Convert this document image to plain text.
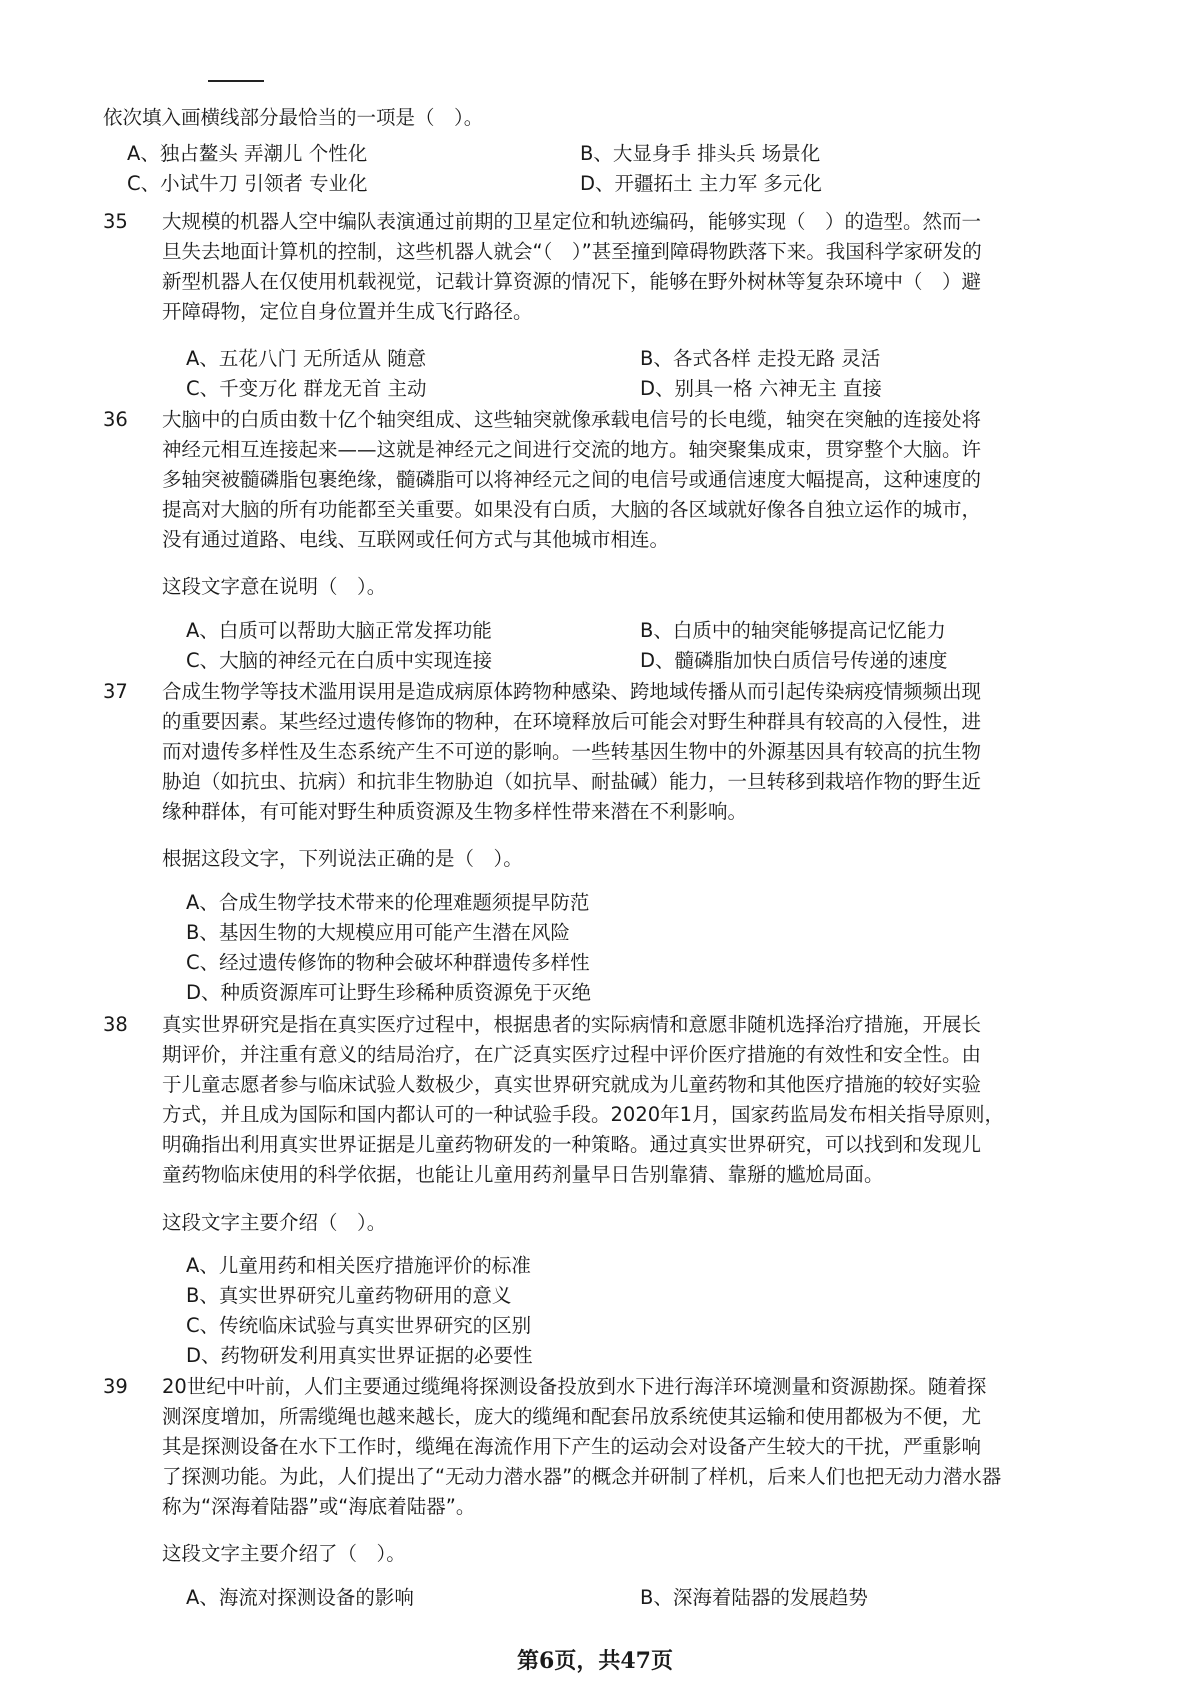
依次填入画横线部分最恰当的一项是（　）。
A、独占鳌头 弄潮儿 个性化	B、大显身手 排头兵 场景化
C、小试牛刀 引领者 专业化	D、开疆拓土 主力军 多元化
35 大规模的机器人空中编队表演通过前期的卫星定位和轨迹编码，能够实现（　）的造型。然而一
旦失去地面计算机的控制，这些机器人就会“（　）”甚至撞到障碍物跌落下来。我国科学家研发的
新型机器人在仅使用机载视觉，记载计算资源的情况下，能够在野外树林等复杂环境中（　）避
开障碍物，定位自身位置并生成飞行路径。
A、五花八门 无所适从 随意	B、各式各样 走投无路 灵活
C、千变万化 群龙无首 主动	D、别具一格 六神无主 直接
36 大脑中的白质由数十亿个轴突组成、这些轴突就像承载电信号的长电缆，轴突在突触的连接处将
神经元相互连接起来——这就是神经元之间进行交流的地方。轴突聚集成束，贯穿整个大脑。许
多轴突被髓磷脂包裹绝缘，髓磷脂可以将神经元之间的电信号或通信速度大幅提高，这种速度的
提高对大脑的所有功能都至关重要。如果没有白质，大脑的各区域就好像各自独立运作的城市，
没有通过道路、电线、互联网或任何方式与其他城市相连。
这段文字意在说明（　）。
A、白质可以帮助大脑正常发挥功能	B、白质中的轴突能够提高记忆能力
C、大脑的神经元在白质中实现连接	D、髓磷脂加快白质信号传递的速度
37 合成生物学等技术滥用误用是造成病原体跨物种感染、跨地域传播从而引起传染病疫情频频出现
的重要因素。某些经过遗传修饰的物种，在环境释放后可能会对野生种群具有较高的入侵性，进
而对遗传多样性及生态系统产生不可逆的影响。一些转基因生物中的外源基因具有较高的抗生物
胁迫（如抗虫、抗病）和抗非生物胁迫（如抗旱、耐盐碱）能力，一旦转移到栽培作物的野生近
缘种群体，有可能对野生种质资源及生物多样性带来潜在不利影响。
根据这段文字，下列说法正确的是（　）。
A、合成生物学技术带来的伦理难题须提早防范
B、基因生物的大规模应用可能产生潜在风险
C、经过遗传修饰的物种会破坏种群遗传多样性
D、种质资源库可让野生珍稀种质资源免于灭绝
38 真实世界研究是指在真实医疗过程中，根据患者的实际病情和意愿非随机选择治疗措施，开展长
期评价，并注重有意义的结局治疗，在广泛真实医疗过程中评价医疗措施的有效性和安全性。由
于儿童志愿者参与临床试验人数极少，真实世界研究就成为儿童药物和其他医疗措施的较好实验
方式，并且成为国际和国内都认可的一种试验手段。2020年1月，国家药监局发布相关指导原则，
明确指出利用真实世界证据是儿童药物研发的一种策略。通过真实世界研究，可以找到和发现儿
童药物临床使用的科学依据，也能让儿童用药剂量早日告别靠猜、靠掰的尴尬局面。
这段文字主要介绍（　）。
A、儿童用药和相关医疗措施评价的标准
B、真实世界研究儿童药物研用的意义
C、传统临床试验与真实世界研究的区别
D、药物研发利用真实世界证据的必要性
39 20世纪中叶前，人们主要通过缆绳将探测设备投放到水下进行海洋环境测量和资源勘探。随着探
测深度增加，所需缆绳也越来越长，庞大的缆绳和配套吊放系统使其运输和使用都极为不便，尤
其是探测设备在水下工作时，缆绳在海流作用下产生的运动会对设备产生较大的干扰，严重影响
了探测功能。为此，人们提出了“无动力潜水器”的概念并研制了样机，后来人们也把无动力潜水器
称为“深海着陆器”或“海底着陆器”。
这段文字主要介绍了（　）。
A、海流对探测设备的影响	B、深海着陆器的发展趋势
第6页，共47页
